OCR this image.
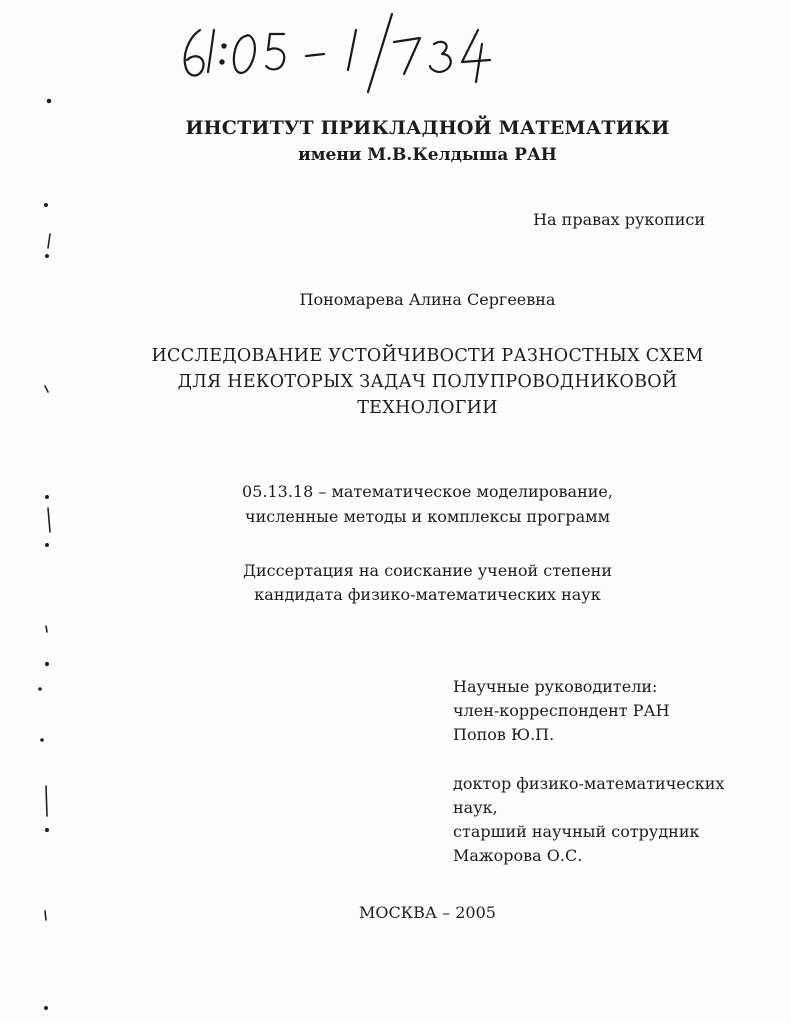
ИНСТИТУТ ПРИКЛАДНОЙ МАТЕМАТИКИ

имени М.В.Келдыша РАН

На правах рукописи

Пономарева Алина Сергеевна

ИССЛЕДОВАНИЕ УСТОЙЧИВОСТИ РАЗНОСТНЫХ СХЕМ

ДЛЯ НЕКОТОРЫХ ЗАДАЧ ПОЛУПРОВОДНИКОВОЙ

ТЕХНОЛОГИИ

05.13.18 – математическое моделирование,

численные методы и комплексы программ

Диссертация на соискание ученой степени

кандидата физико-математических наук

Научные руководители:

член-корреспондент РАН

Попов Ю.П.

доктор физико-математических

наук,

старший научный сотрудник

Мажорова О.С.

МОСКВА – 2005
